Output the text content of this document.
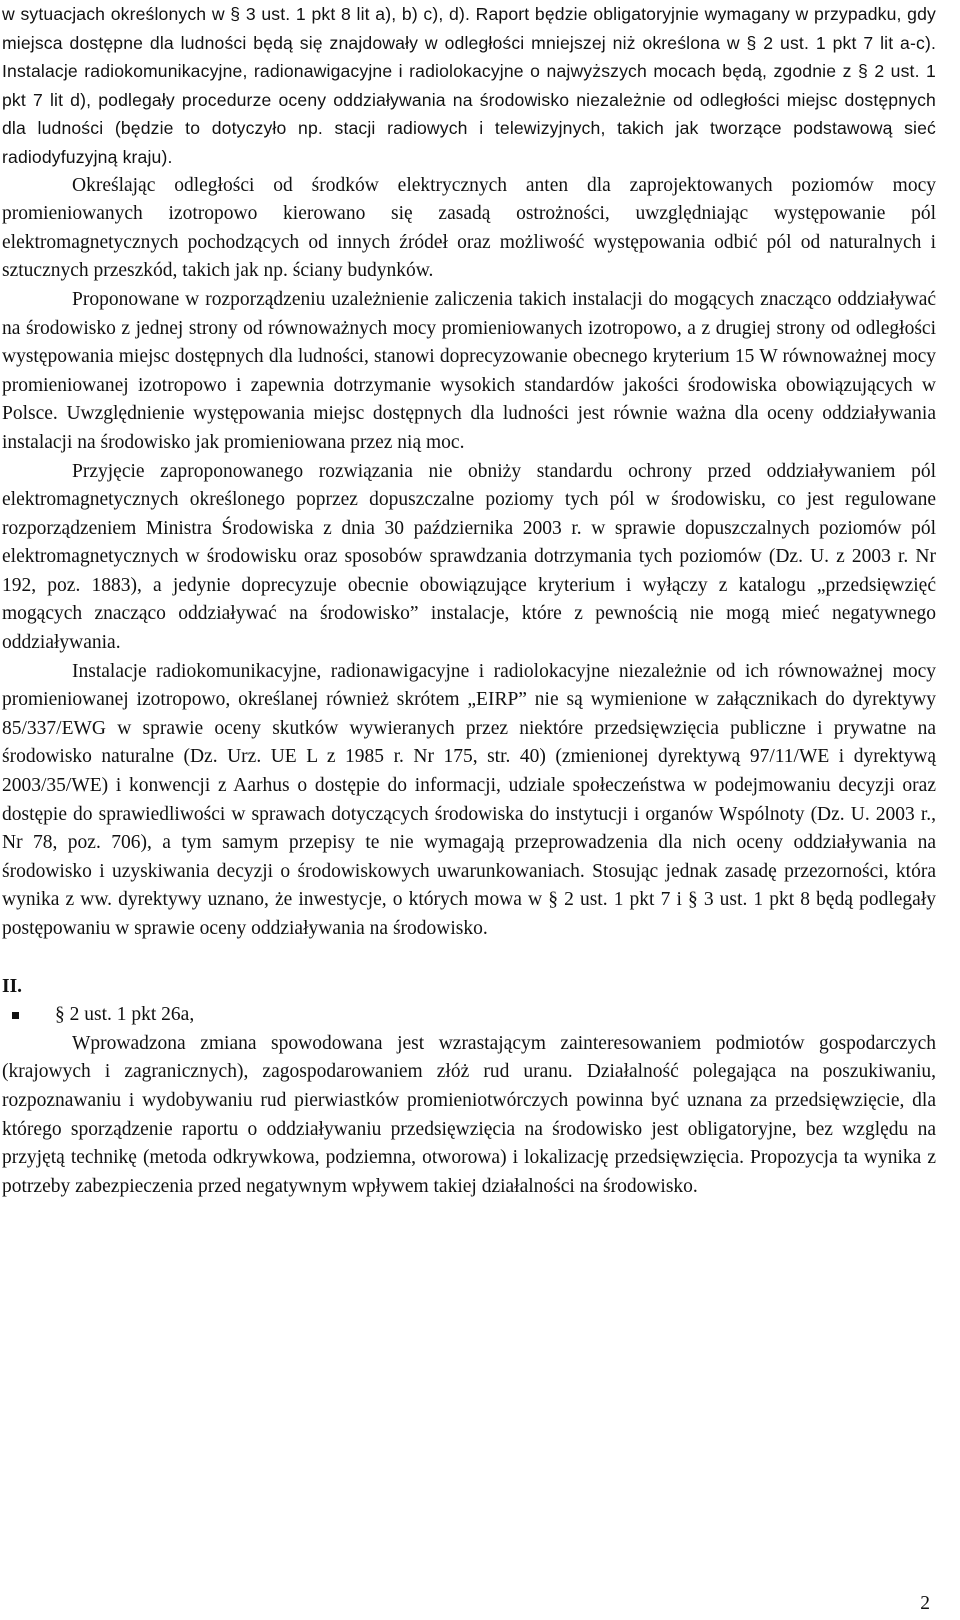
w sytuacjach określonych w § 3 ust. 1 pkt 8 lit a), b) c), d). Raport będzie obligatoryjnie wymagany w przypadku, gdy miejsca dostępne dla ludności będą się znajdowały w odległości mniejszej niż określona w § 2 ust. 1 pkt 7 lit a-c). Instalacje radiokomunikacyjne, radionawigacyjne i radiolokacyjne o najwyższych mocach będą, zgodnie z § 2 ust. 1 pkt 7 lit d), podlegały procedurze oceny oddziaływania na środowisko niezależnie od odległości miejsc dostępnych dla ludności (będzie to dotyczyło np. stacji radiowych i telewizyjnych, takich jak tworzące podstawową sieć radiodyfuzyjną kraju).

Określając odległości od środków elektrycznych anten dla zaprojektowanych poziomów mocy promieniowanych izotropowo kierowano się zasadą ostrożności, uwzględniając występowanie pól elektromagnetycznych pochodzących od innych źródeł oraz możliwość występowania odbić pól od naturalnych i sztucznych przeszkód, takich jak np. ściany budynków.

Proponowane w rozporządzeniu uzależnienie zaliczenia takich instalacji do mogących znacząco oddziaływać na środowisko z jednej strony od równoważnych mocy promieniowanych izotropowo, a z drugiej strony od odległości występowania miejsc dostępnych dla ludności, stanowi doprecyzowanie obecnego kryterium 15 W równoważnej mocy promieniowanej izotropowo i zapewnia dotrzymanie wysokich standardów jakości środowiska obowiązujących w Polsce. Uwzględnienie występowania miejsc dostępnych dla ludności jest równie ważna dla oceny oddziaływania instalacji na środowisko jak promieniowana przez nią moc.

Przyjęcie zaproponowanego rozwiązania nie obniży standardu ochrony przed oddziaływaniem pól elektromagnetycznych określonego poprzez dopuszczalne poziomy tych pól w środowisku, co jest regulowane rozporządzeniem Ministra Środowiska z dnia 30 października 2003 r. w sprawie dopuszczalnych poziomów pól elektromagnetycznych w środowisku oraz sposobów sprawdzania dotrzymania tych poziomów (Dz. U. z 2003 r. Nr 192, poz. 1883), a jedynie doprecyzuje obecnie obowiązujące kryterium i wyłączy z katalogu „przedsięwzięć mogących znacząco oddziaływać na środowisko” instalacje, które z pewnością nie mogą mieć negatywnego oddziaływania.

Instalacje radiokomunikacyjne, radionawigacyjne i radiolokacyjne niezależnie od ich równoważnej mocy promieniowanej izotropowo, określanej również skrótem „EIRP” nie są wymienione w załącznikach do dyrektywy 85/337/EWG w sprawie oceny skutków wywieranych przez niektóre przedsięwzięcia publiczne i prywatne na środowisko naturalne (Dz. Urz. UE L z 1985 r. Nr 175, str. 40) (zmienionej dyrektywą 97/11/WE i dyrektywą 2003/35/WE) i konwencji z Aarhus o dostępie do informacji, udziale społeczeństwa w podejmowaniu decyzji oraz dostępie do sprawiedliwości w sprawach dotyczących środowiska do instytucji i organów Wspólnoty (Dz. U. 2003 r., Nr 78, poz. 706), a tym samym przepisy te nie wymagają przeprowadzenia dla nich oceny oddziaływania na środowisko i uzyskiwania decyzji o środowiskowych uwarunkowaniach. Stosując jednak zasadę przezorności, która wynika z ww. dyrektywy uznano, że inwestycje, o których mowa w § 2 ust. 1 pkt 7 i § 3 ust. 1 pkt 8 będą podlegały postępowaniu w sprawie oceny oddziaływania na środowisko.

II.
§ 2 ust. 1 pkt 26a,

Wprowadzona zmiana spowodowana jest wzrastającym zainteresowaniem podmiotów gospodarczych (krajowych i zagranicznych), zagospodarowaniem złóż rud uranu. Działalność polegająca na poszukiwaniu, rozpoznawaniu i wydobywaniu rud pierwiastków promieniotwórczych powinna być uznana za przedsięwzięcie, dla którego sporządzenie raportu o oddziaływaniu przedsięwzięcia na środowisko jest obligatoryjne, bez względu na przyjętą technikę (metoda odkrywkowa, podziemna, otworowa) i lokalizację przedsięwzięcia. Propozycja ta wynika z potrzeby zabezpieczenia przed negatywnym wpływem takiej działalności na środowisko.

2
